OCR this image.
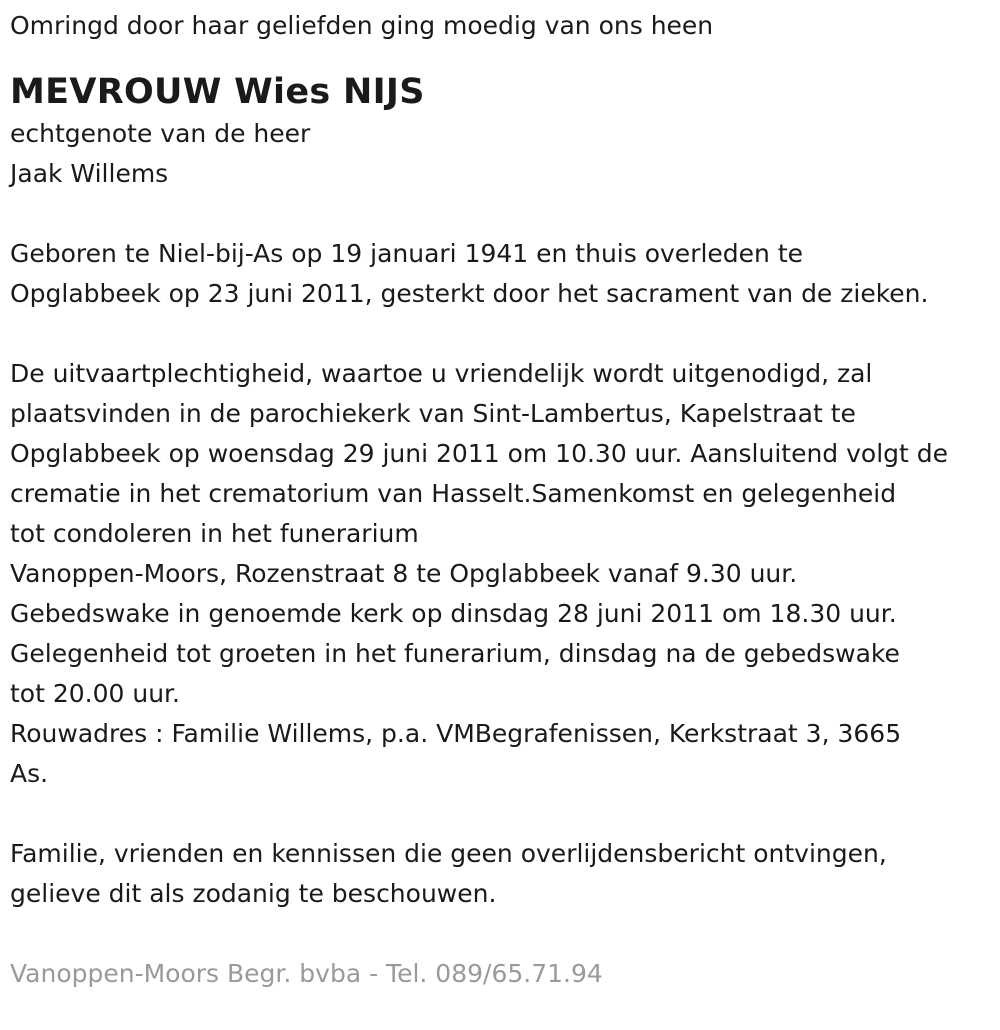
Omringd door haar geliefden ging moedig van ons heen

MEVROUW Wies NIJS

echtgenote van de heer

Jaak Willems

Geboren te Niel-bij-As op 19 januari 1941 en thuis overleden te

Opglabbeek op 23 juni 2011, gesterkt door het sacrament van de zieken.

De uitvaartplechtigheid, waartoe u vriendelijk wordt uitgenodigd, zal

plaatsvinden in de parochiekerk van Sint-Lambertus, Kapelstraat te

Opglabbeek op woensdag 29 juni 2011 om 10.30 uur. Aansluitend volgt de

crematie in het crematorium van Hasselt.Samenkomst en gelegenheid

tot condoleren in het funerarium

Vanoppen-Moors, Rozenstraat 8 te Opglabbeek vanaf 9.30 uur.

Gebedswake in genoemde kerk op dinsdag 28 juni 2011 om 18.30 uur.

Gelegenheid tot groeten in het funerarium, dinsdag na de gebedswake

tot 20.00 uur.

Rouwadres : Familie Willems, p.a. VMBegrafenissen, Kerkstraat 3, 3665

As.

Familie, vrienden en kennissen die geen overlijdensbericht ontvingen,

gelieve dit als zodanig te beschouwen.

Vanoppen-Moors Begr. bvba - Tel. 089/65.71.94
